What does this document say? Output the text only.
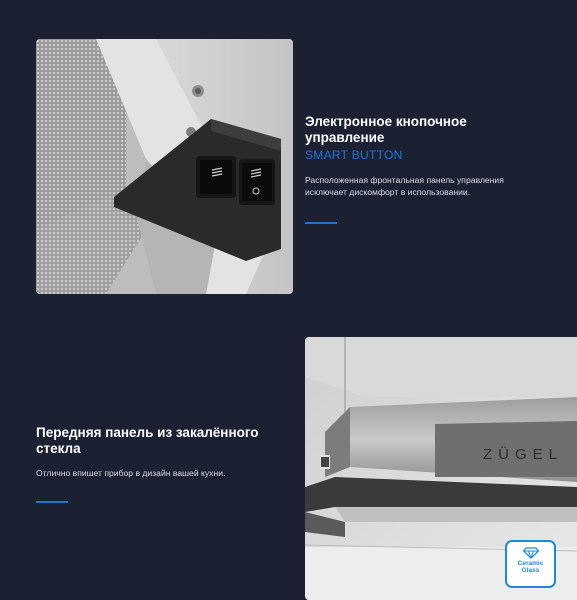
Электронное кнопочное
управление
SMART BUTTON
Расположенная фронтальная панель управления
исключает дискомфорт в использовании.
Передняя панель из закалённого
стекла
Отлично впишет прибор в дизайн вашей кухни.
ZÜGEL
Ceramic
Glass
